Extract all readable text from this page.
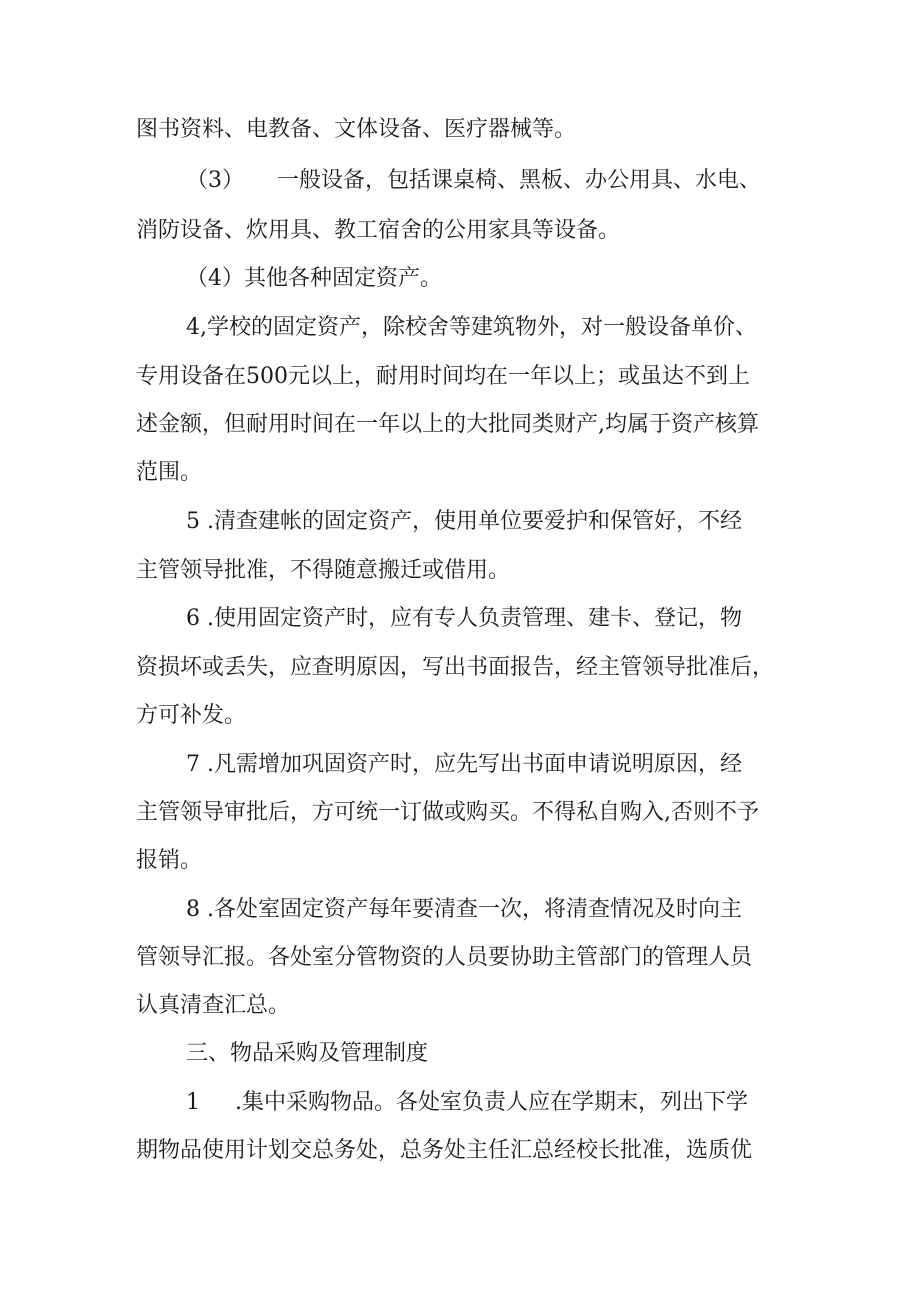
图书资料、电教备、文体设备、医疗器械等。
（3）　　一般设备，包括课桌椅、黑板、办公用具、水电、
消防设备、炊用具、教工宿舍的公用家具等设备。
（4）其他各种固定资产。
4,学校的固定资产，除校舍等建筑物外，对一般设备单价、
专用设备在500元以上，耐用时间均在一年以上；或虽达不到上
述金额，但耐用时间在一年以上的大批同类财产,均属于资产核算
范围。
5 .清查建帐的固定资产，使用单位要爱护和保管好，不经
主管领导批准，不得随意搬迁或借用。
6 .使用固定资产时，应有专人负责管理、建卡、登记，物
资损坏或丢失，应查明原因，写出书面报告，经主管领导批准后，
方可补发。
7 .凡需增加巩固资产时，应先写出书面申请说明原因，经
主管领导审批后，方可统一订做或购买。不得私自购入,否则不予
报销。
8 .各处室固定资产每年要清查一次，将清查情况及时向主
管领导汇报。各处室分管物资的人员要协助主管部门的管理人员
认真清查汇总。
三、物品采购及管理制度
1     .集中采购物品。各处室负责人应在学期末，列出下学
期物品使用计划交总务处，总务处主任汇总经校长批准，选质优
